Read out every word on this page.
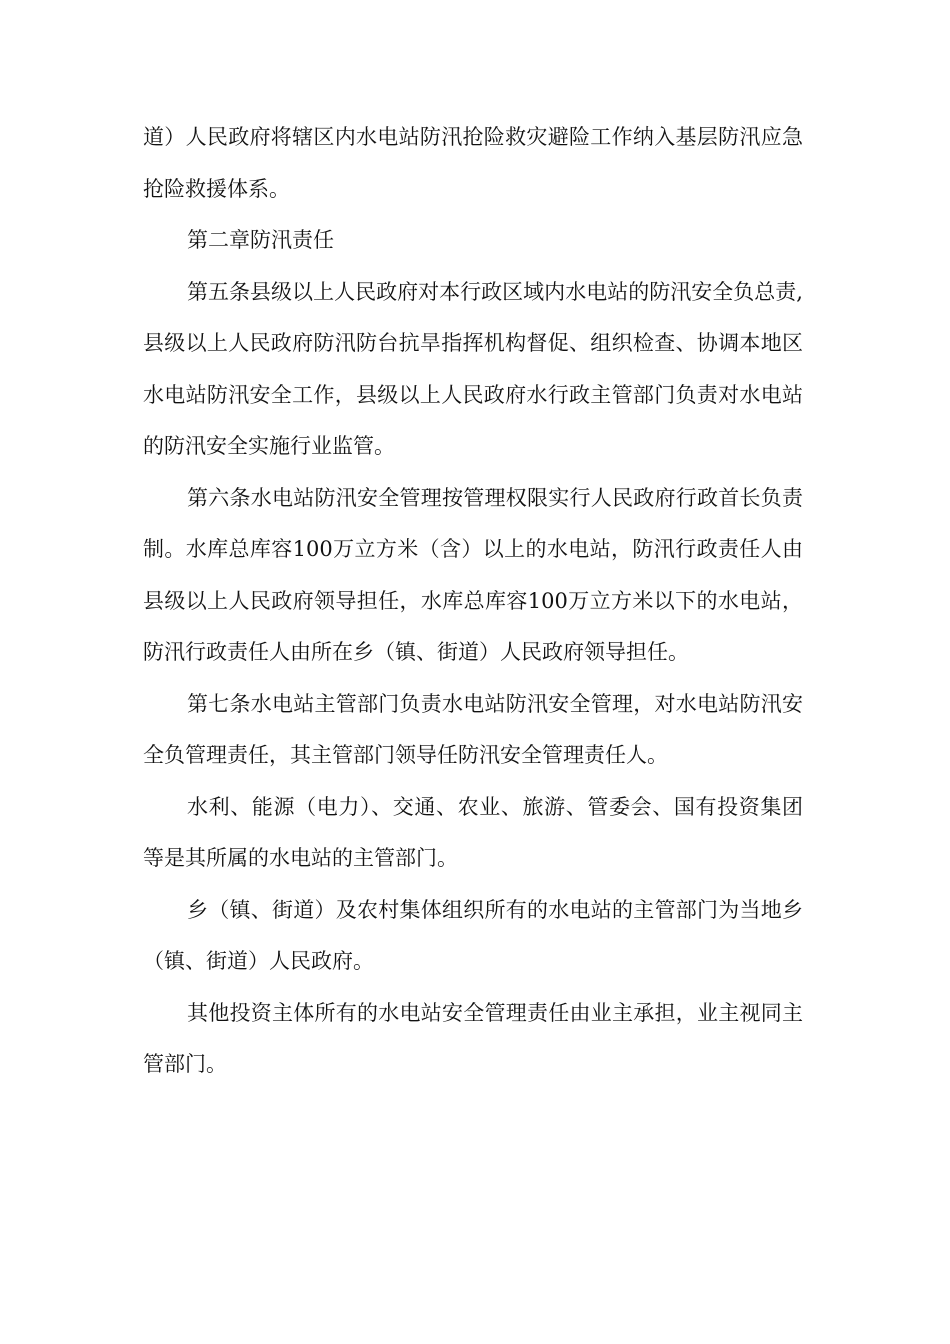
道）人民政府将辖区内水电站防汛抢险救灾避险工作纳入基层防汛应急抢险救援体系。

第二章防汛责任

第五条县级以上人民政府对本行政区域内水电站的防汛安全负总责,县级以上人民政府防汛防台抗旱指挥机构督促、组织检查、协调本地区水电站防汛安全工作，县级以上人民政府水行政主管部门负责对水电站的防汛安全实施行业监管。

第六条水电站防汛安全管理按管理权限实行人民政府行政首长负责制。水库总库容100万立方米（含）以上的水电站，防汛行政责任人由县级以上人民政府领导担任，水库总库容100万立方米以下的水电站，防汛行政责任人由所在乡（镇、街道）人民政府领导担任。

第七条水电站主管部门负责水电站防汛安全管理，对水电站防汛安全负管理责任，其主管部门领导任防汛安全管理责任人。

水利、能源（电力）、交通、农业、旅游、管委会、国有投资集团等是其所属的水电站的主管部门。

乡（镇、街道）及农村集体组织所有的水电站的主管部门为当地乡（镇、街道）人民政府。

其他投资主体所有的水电站安全管理责任由业主承担，业主视同主管部门。
